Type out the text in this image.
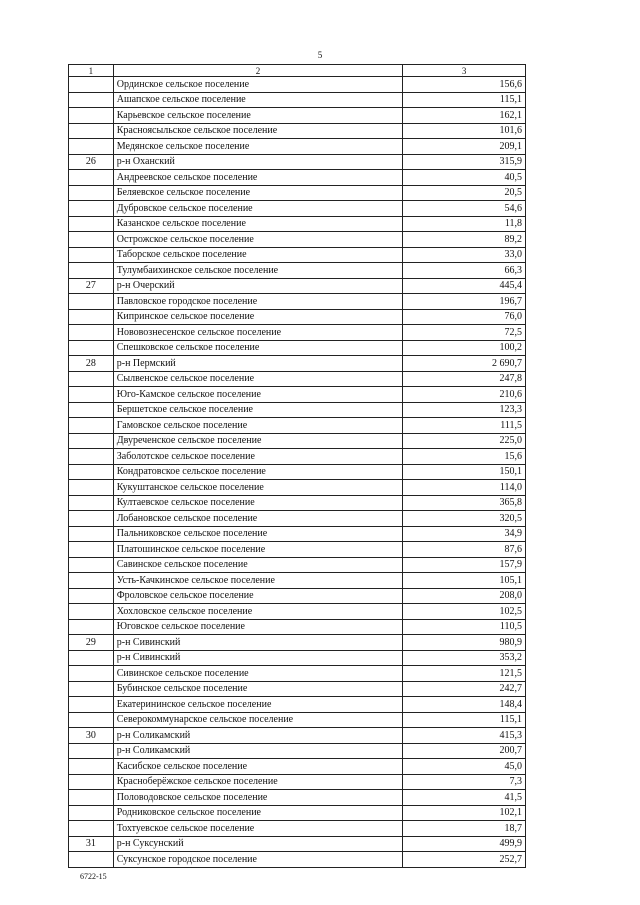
5
1	2	3
	Ординское сельское поселение	156,6
	Ашапское сельское поселение	115,1
	Карьевское сельское поселение	162,1
	Красноясыльское сельское поселение	101,6
	Медянское сельское поселение	209,1
26	р-н Оханский	315,9
	Андреевское сельское поселение	40,5
	Беляевское сельское поселение	20,5
	Дубровское сельское поселение	54,6
	Казанское сельское поселение	11,8
	Острожское сельское поселение	89,2
	Таборское сельское поселение	33,0
	Тулумбаихинское сельское поселение	66,3
27	р-н Очерский	445,4
	Павловское городское поселение	196,7
	Кипринское сельское поселение	76,0
	Нововознесенское сельское поселение	72,5
	Спешковское сельское поселение	100,2
28	р-н Пермский	2 690,7
	Сылвенское сельское поселение	247,8
	Юго-Камское сельское поселение	210,6
	Бершетское сельское поселение	123,3
	Гамовское сельское поселение	111,5
	Двуреченское сельское поселение	225,0
	Заболотское сельское поселение	15,6
	Кондратовское сельское поселение	150,1
	Кукуштанское сельское поселение	114,0
	Култаевское сельское поселение	365,8
	Лобановское сельское поселение	320,5
	Пальниковское сельское поселение	34,9
	Платошинское сельское поселение	87,6
	Савинское сельское поселение	157,9
	Усть-Качкинское сельское поселение	105,1
	Фроловское сельское поселение	208,0
	Хохловское сельское поселение	102,5
	Юговское сельское поселение	110,5
29	р-н Сивинский	980,9
	р-н Сивинский	353,2
	Сивинское сельское поселение	121,5
	Бубинское сельское поселение	242,7
	Екатерининское сельское поселение	148,4
	Северокоммунарское сельское поселение	115,1
30	р-н Соликамский	415,3
	р-н Соликамский	200,7
	Касибское сельское поселение	45,0
	Красноберёжское сельское поселение	7,3
	Половодовское сельское поселение	41,5
	Родниковское сельское поселение	102,1
	Тохтуевское сельское поселение	18,7
31	р-н Суксунский	499,9
	Суксунское городское поселение	252,7
6722-15
